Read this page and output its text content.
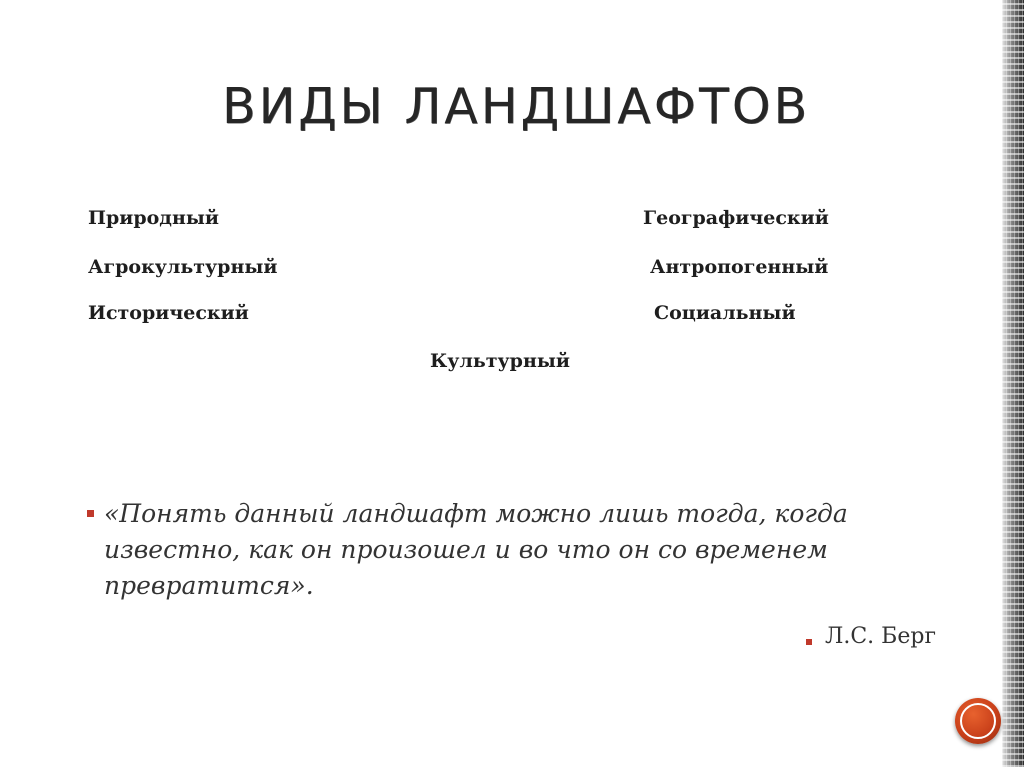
ВИДЫ ЛАНДШАФТОВ
Природный	Географический
Агрокультурный	Антропогенный
Исторический	Социальный
Культурный

«Понять данный ландшафт можно лишь тогда, когда известно, как он произошел и во что он со временем превратится».

Л.С. Берг
